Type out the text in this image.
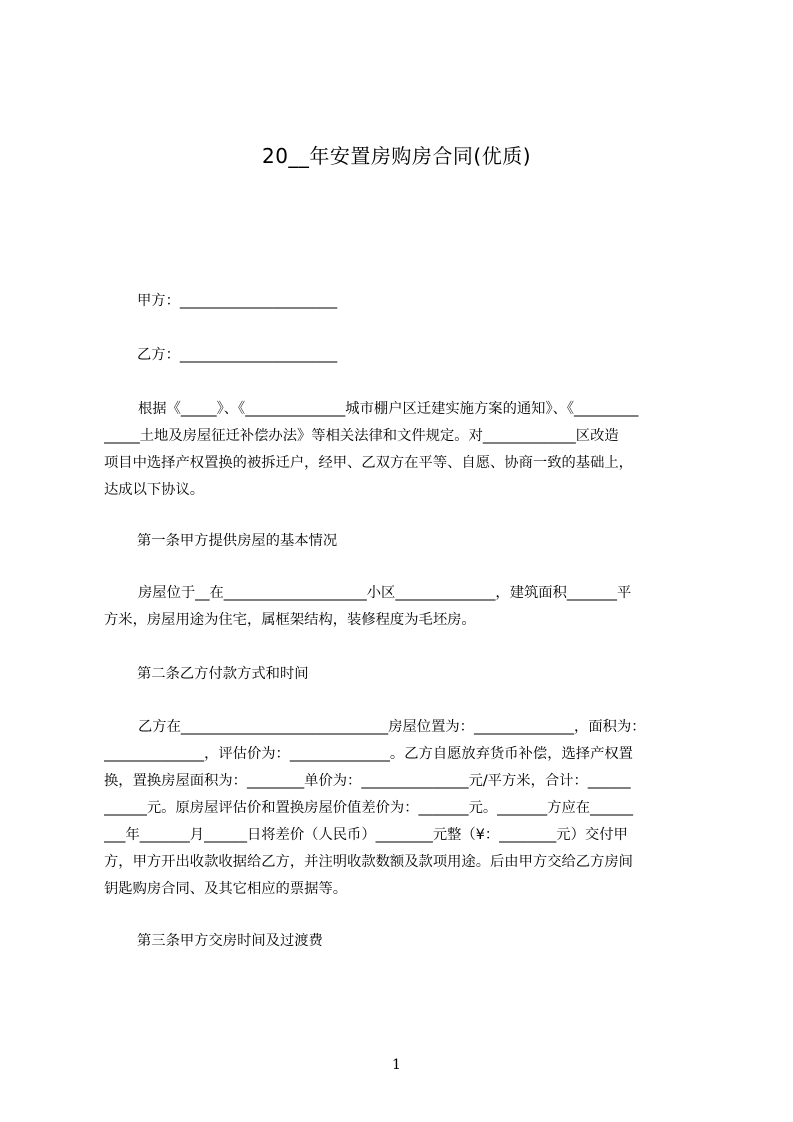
20__年安置房购房合同(优质)
甲方：______________________
乙方：______________________
根据《_____》、《______________城市棚户区迁建实施方案的通知》、《_________
_____土地及房屋征迁补偿办法》等相关法律和文件规定。对_____________区改造
项目中选择产权置换的被拆迁户，经甲、乙双方在平等、自愿、协商一致的基础上，
达成以下协议。
第一条甲方提供房屋的基本情况
房屋位于__在____________________小区______________，建筑面积_______平
方米，房屋用途为住宅，属框架结构，装修程度为毛坯房。
第二条乙方付款方式和时间
乙方在_____________________________房屋位置为：______________，面积为：
______________，评估价为：______________。乙方自愿放弃货币补偿，选择产权置
换，置换房屋面积为：________单价为：_______________元/平方米，合计：______
______元。原房屋评估价和置换房屋价值差价为：_______元。_______方应在______
___年_______月______日将差价（人民币）________元整（¥：________元）交付甲
方，甲方开出收款收据给乙方，并注明收款数额及款项用途。后由甲方交给乙方房间
钥匙购房合同、及其它相应的票据等。
第三条甲方交房时间及过渡费
1
